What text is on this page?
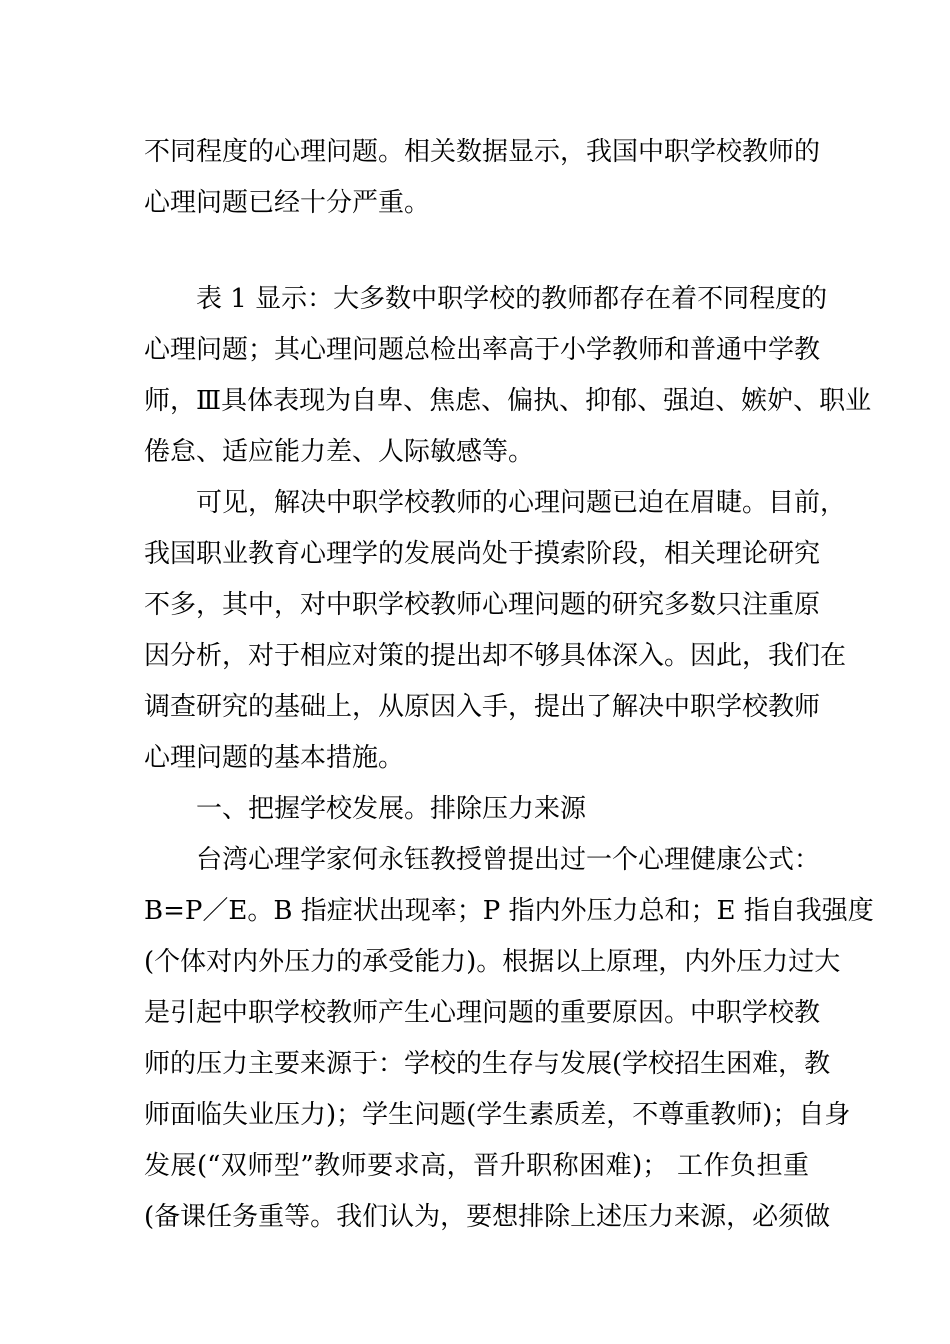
不同程度的心理问题。相关数据显示，我国中职学校教师的
心理问题已经十分严重。
表 1 显示：大多数中职学校的教师都存在着不同程度的
心理问题；其心理问题总检出率高于小学教师和普通中学教
师，Ⅲ具体表现为自卑、焦虑、偏执、抑郁、强迫、嫉妒、职业
倦怠、适应能力差、人际敏感等。
可见，解决中职学校教师的心理问题已迫在眉睫。目前，
我国职业教育心理学的发展尚处于摸索阶段，相关理论研究
不多，其中，对中职学校教师心理问题的研究多数只注重原
因分析，对于相应对策的提出却不够具体深入。因此，我们在
调查研究的基础上，从原因入手，提出了解决中职学校教师
心理问题的基本措施。
一、把握学校发展。排除压力来源
台湾心理学家何永钰教授曾提出过一个心理健康公式：
B=P／E。B 指症状出现率；P 指内外压力总和；E 指自我强度
(个体对内外压力的承受能力)。根据以上原理，内外压力过大
是引起中职学校教师产生心理问题的重要原因。中职学校教
师的压力主要来源于：学校的生存与发展(学校招生困难，教
师面临失业压力)；学生问题(学生素质差，不尊重教师)；自身
发展(“双师型”教师要求高，晋升职称困难)； 工作负担重
(备课任务重等。我们认为，要想排除上述压力来源，必须做
